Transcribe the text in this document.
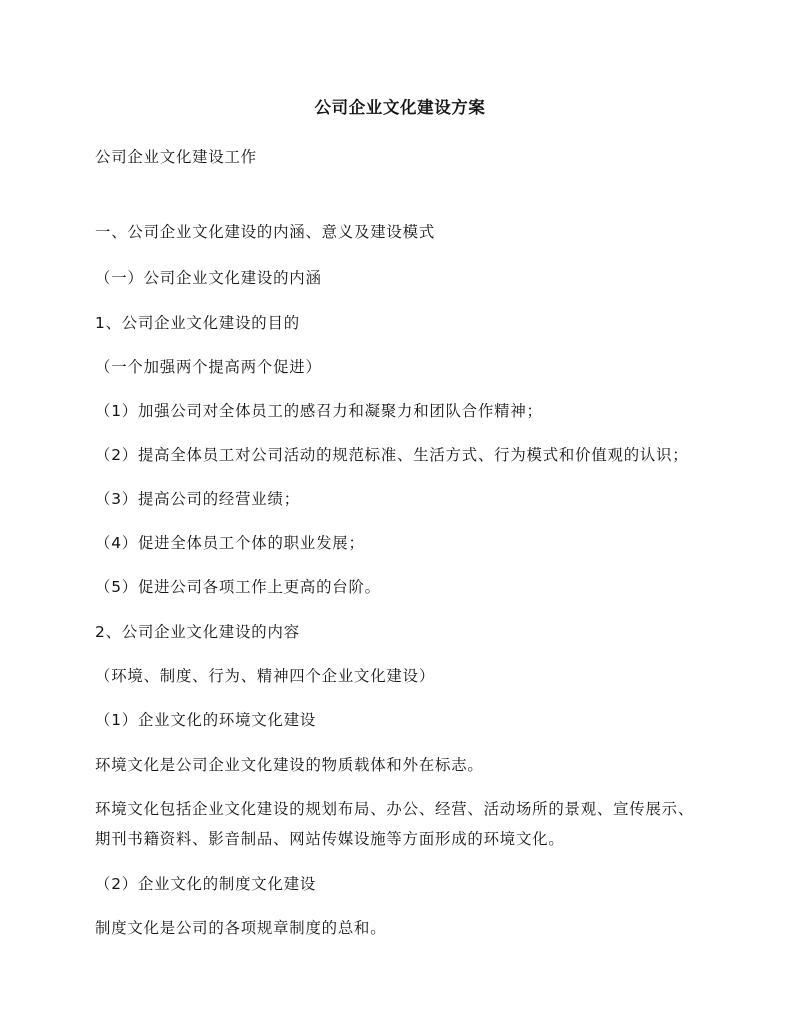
公司企业文化建设方案

公司企业文化建设工作

一、公司企业文化建设的内涵、意义及建设模式

（一）公司企业文化建设的内涵

1、公司企业文化建设的目的

（一个加强两个提高两个促进）

（1）加强公司对全体员工的感召力和凝聚力和团队合作精神；

（2）提高全体员工对公司活动的规范标准、生活方式、行为模式和价值观的认识；

（3）提高公司的经营业绩；

（4）促进全体员工个体的职业发展；

（5）促进公司各项工作上更高的台阶。

2、公司企业文化建设的内容

（环境、制度、行为、精神四个企业文化建设）

（1）企业文化的环境文化建设

环境文化是公司企业文化建设的物质载体和外在标志。

环境文化包括企业文化建设的规划布局、办公、经营、活动场所的景观、宣传展示、
期刊书籍资料、影音制品、网站传媒设施等方面形成的环境文化。

（2）企业文化的制度文化建设

制度文化是公司的各项规章制度的总和。
